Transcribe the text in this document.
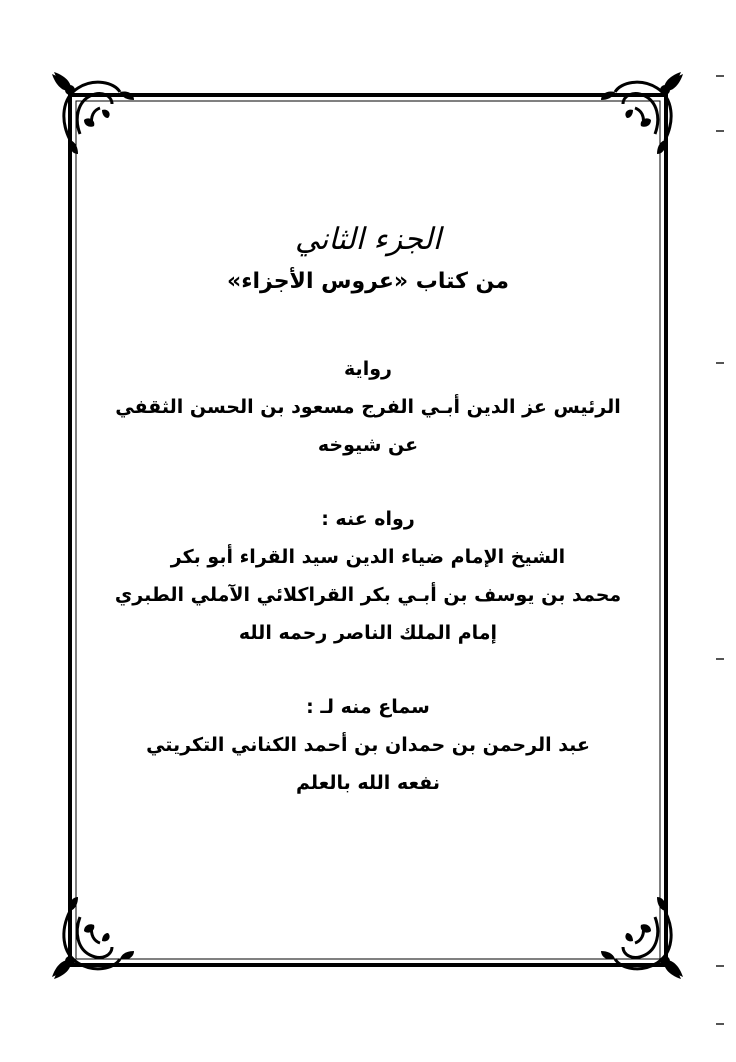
الجزء الثاني
من كتاب «عروس الأجزاء»
رواية
الرئيس عز الدين أبـي الفرج مسعود بن الحسن الثقفي
عن شيوخه
رواه عنه :
الشيخ الإمام ضياء الدين سيد القراء أبو بكر
محمد بن يوسف بن أبـي بكر القراكلائي الآملي الطبري
إمام الملك الناصر رحمه الله
سماع منه لـ :
عبد الرحمن بن حمدان بن أحمد الكناني التكريتي
نفعه الله بالعلم
